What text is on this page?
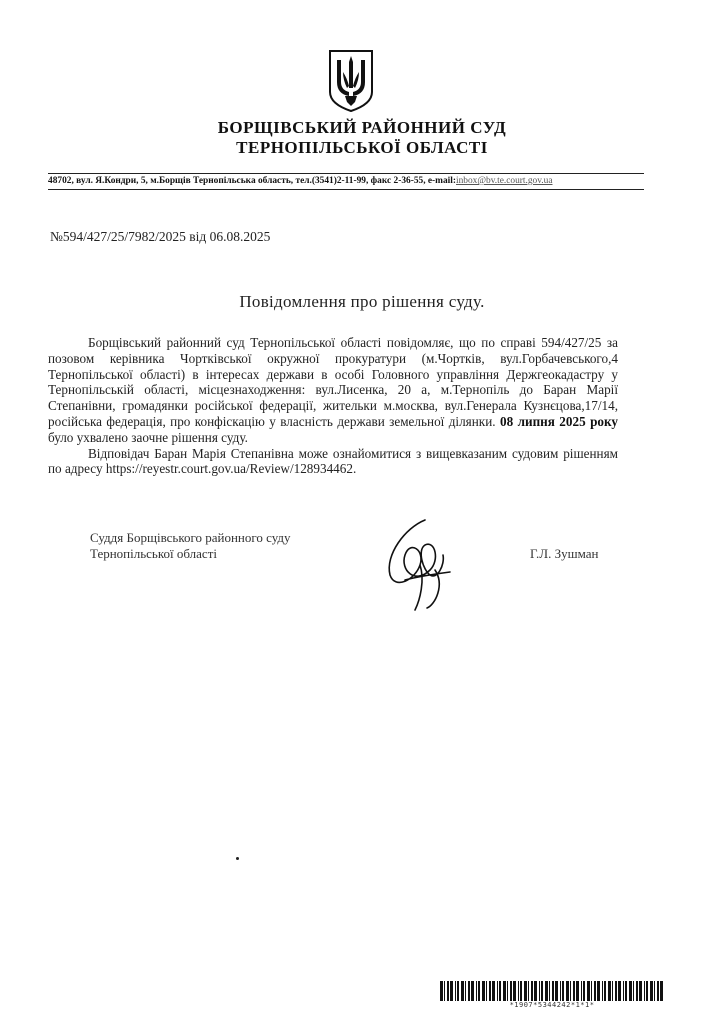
БОРЩІВСЬКИЙ РАЙОННИЙ СУД
ТЕРНОПІЛЬСЬКОЇ ОБЛАСТІ
48702, вул. Я.Кондри, 5, м.Борщів Тернопільська область, тел.(3541)2-11-99, факс 2-36-55, e-mail:inbox@bv.te.court.gov.ua
№594/427/25/7982/2025 від 06.08.2025
Повідомлення про рішення суду.

Борщівський районний суд Тернопільської області повідомляє, що по справі 594/427/25 за позовом керівника Чортківської окружної прокуратури (м.Чортків, вул.Горбачевського,4 Тернопільської області) в інтересах держави в особі Головного управління Держгеокадастру у Тернопільській області, місцезнаходження: вул.Лисенка, 20 а, м.Тернопіль до Баран Марії Степанівни, громадянки російської федерації, жительки м.москва, вул.Генерала Кузнєцова,17/14, російська федерація, про конфіскацію у власність держави земельної ділянки. 08 липня 2025 року було ухвалено заочне рішення суду.

Відповідач Баран Марія Степанівна може ознайомитися з вищевказаним судовим рішенням по адресу https://reyestr.court.gov.ua/Review/128934462.

Суддя Борщівського районного суду
Тернопільської області	Г.Л. Зушман
*1907*5344242*1*1*
